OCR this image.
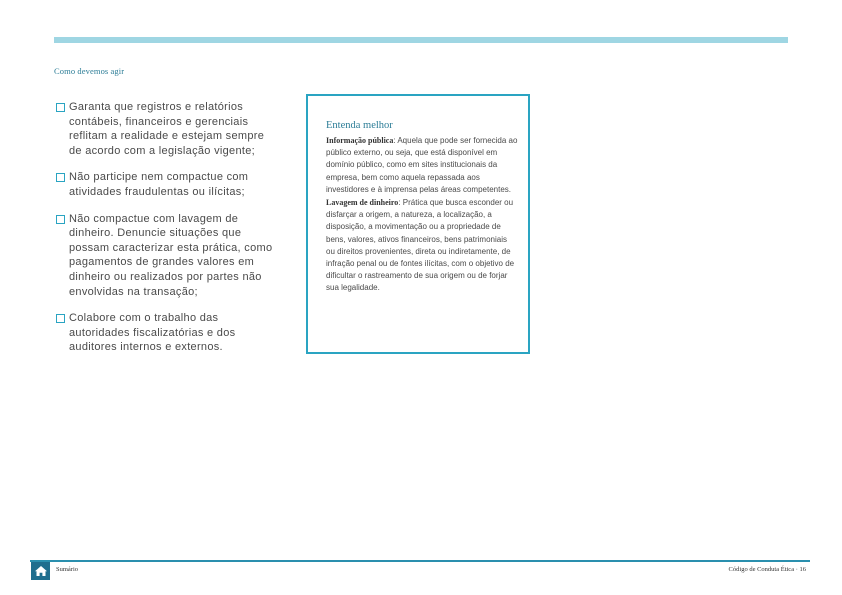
Como devemos agir
Garanta que registros e relatórios contábeis, financeiros e gerenciais reflitam a realidade e estejam sempre de acordo com a legislação vigente;
Não participe nem compactue com atividades fraudulentas ou ilícitas;
Não compactue com lavagem de dinheiro. Denuncie situações que possam caracterizar esta prática, como pagamentos de grandes valores em dinheiro ou realizados por partes não envolvidas na transação;
Colabore com o trabalho das autoridades fiscalizatórias e dos auditores internos e externos.
Entenda melhor

Informação pública: Aquela que pode ser fornecida ao público externo, ou seja, que está disponível em domínio público, como em sites institucionais da empresa, bem como aquela repassada aos investidores e à imprensa pelas áreas competentes.

Lavagem de dinheiro: Prática que busca esconder ou disfarçar a origem, a natureza, a localização, a disposição, a movimentação ou a propriedade de bens, valores, ativos financeiros, bens patrimoniais ou direitos provenientes, direta ou indiretamente, de infração penal ou de fontes ilícitas, com o objetivo de dificultar o rastreamento de sua origem ou de forjar sua legalidade.

Sumário	Código de Conduta Ética · 16
